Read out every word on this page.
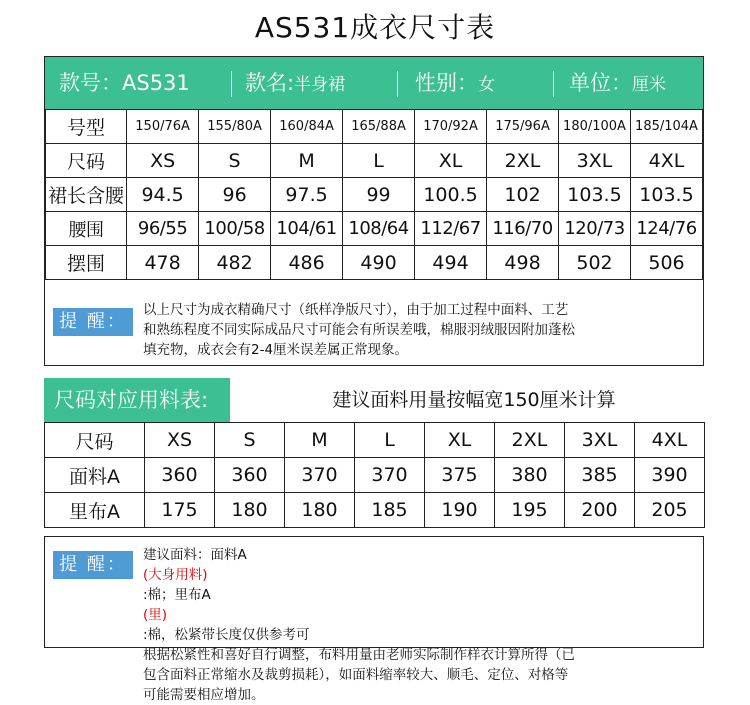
AS531成衣尺寸表
款号：AS531	款名:半身裙	性别：女	单位：厘米
号型	150/76A	155/80A	160/84A	165/88A	170/92A	175/96A	180/100A	185/104A
尺码	XS	S	M	L	XL	2XL	3XL	4XL
裙长含腰	94.5	96	97.5	99	100.5	102	103.5	103.5
腰围	96/55	100/58	104/61	108/64	112/67	116/70	120/73	124/76
摆围	478	482	486	490	494	498	502	506
提 醒：
以上尺寸为成衣精确尺寸（纸样净版尺寸），由于加工过程中面料、工艺
和熟练程度不同实际成品尺寸可能会有所误差哦，棉服羽绒服因附加蓬松
填充物，成衣会有2-4厘米误差属正常现象。
尺码对应用料表:	建议面料用量按幅宽150厘米计算
尺码	XS	S	M	L	XL	2XL	3XL	4XL
面料A	360	360	370	370	375	380	385	390
里布A	175	180	180	185	190	195	200	205
提 醒：	建议面料：面料A
(大身用料)
:棉；里布A
(里)
:棉，松紧带长度仅供参考可
根据松紧性和喜好自行调整，布料用量由老师实际制作样衣计算所得（已
包含面料正常缩水及裁剪损耗），如面料缩率较大、顺毛、定位、对格等
可能需要相应增加。
